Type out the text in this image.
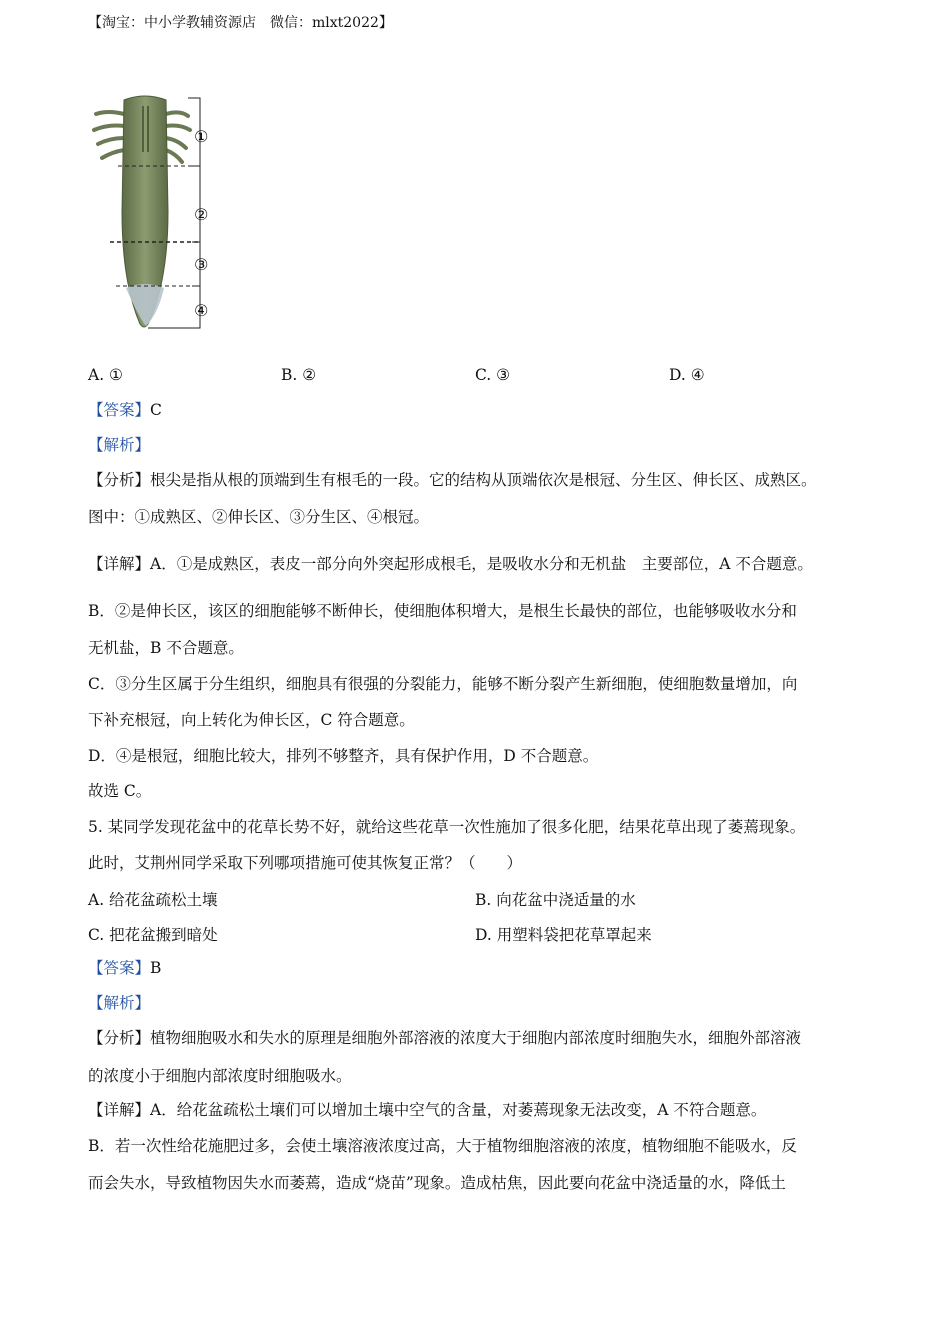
【淘宝：中小学教辅资源店　微信：mlxt2022】
①
②
③
④
A. ①	B. ②	C. ③	D. ④
【答案】C
【解析】
【分析】根尖是指从根的顶端到生有根毛的一段。它的结构从顶端依次是根冠、分生区、伸长区、成熟区。
图中：①成熟区、②伸长区、③分生区、④根冠。
【详解】A．①是成熟区，表皮一部分向外突起形成根毛，是吸收水分和无机盐　主要部位，A 不合题意。
B．②是伸长区，该区的细胞能够不断伸长，使细胞体积增大，是根生长最快的部位，也能够吸收水分和
无机盐，B 不合题意。
C．③分生区属于分生组织，细胞具有很强的分裂能力，能够不断分裂产生新细胞，使细胞数量增加，向
下补充根冠，向上转化为伸长区，C 符合题意。
D．④是根冠，细胞比较大，排列不够整齐，具有保护作用，D 不合题意。
故选 C。
5. 某同学发现花盆中的花草长势不好，就给这些花草一次性施加了很多化肥，结果花草出现了萎蔫现象。
此时，艾荆州同学采取下列哪项措施可使其恢复正常？（　　）
A. 给花盆疏松土壤	B. 向花盆中浇适量的水
C. 把花盆搬到暗处	D. 用塑料袋把花草罩起来
【答案】B
【解析】
【分析】植物细胞吸水和失水的原理是细胞外部溶液的浓度大于细胞内部浓度时细胞失水，细胞外部溶液
的浓度小于细胞内部浓度时细胞吸水。
【详解】A．给花盆疏松土壤们可以增加土壤中空气的含量，对萎蔫现象无法改变，A 不符合题意。
B．若一次性给花施肥过多，会使土壤溶液浓度过高，大于植物细胞溶液的浓度，植物细胞不能吸水，反
而会失水，导致植物因失水而萎蔫，造成“烧苗”现象。造成枯焦，因此要向花盆中浇适量的水，降低土
